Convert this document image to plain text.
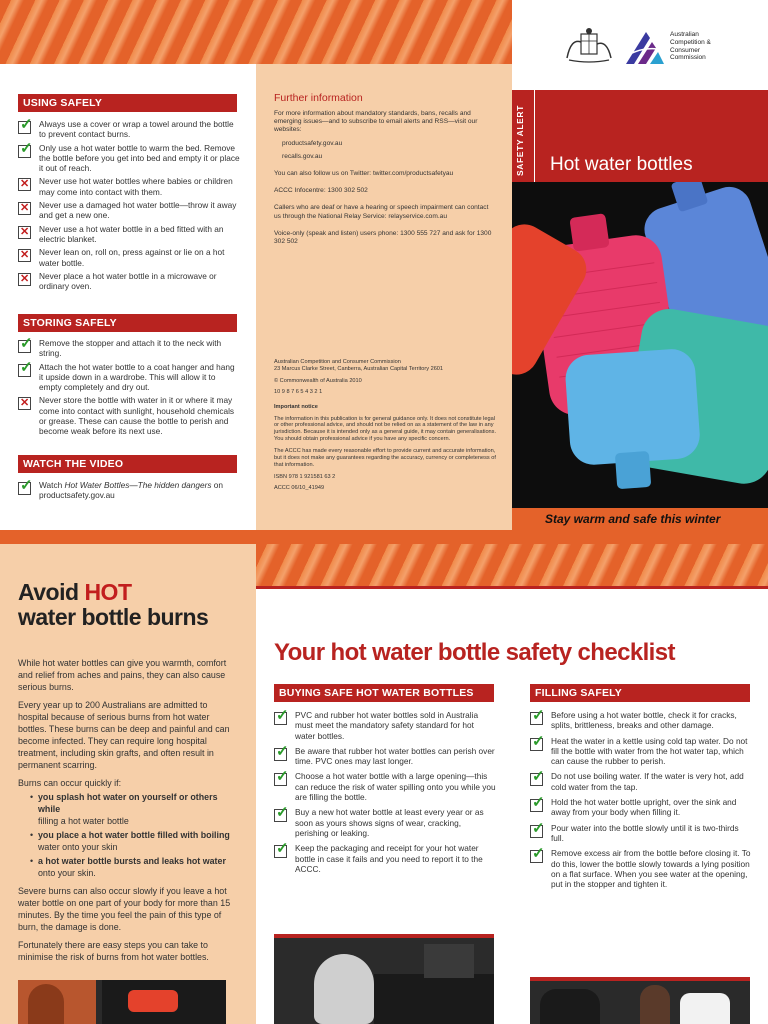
Australian
Competition &
Consumer
Commission
USING SAFELY
✓
Always use a cover or wrap a towel around the bottle to prevent contact burns.
✓
Only use a hot water bottle to warm the bed. Remove the bottle before you get into bed and empty it or place it out of reach.
✕
Never use hot water bottles where babies or children may come into contact with them.
✕
Never use a damaged hot water bottle—throw it away and get a new one.
✕
Never use a hot water bottle in a bed fitted with an electric blanket.
✕
Never lean on, roll on, press against or lie on a hot water bottle.
✕
Never place a hot water bottle in a microwave or ordinary oven.
STORING SAFELY
✓
Remove the stopper and attach it to the neck with string.
✓
Attach the hot water bottle to a coat hanger and hang it upside down in a wardrobe. This will allow it to empty completely and dry out.
✕
Never store the bottle with water in it or where it may come into contact with sunlight, household chemicals or grease. These can cause the bottle to perish and become weak before its next use.
WATCH THE VIDEO
✓
Watch Hot Water Bottles—The hidden dangers on productsafety.gov.au
Further information
For more information about mandatory standards, bans, recalls and emerging issues—and to subscribe to email alerts and RSS—visit our websites:
productsafety.gov.au
recalls.gov.au
You can also follow us on Twitter: twitter.com/productsafetyau
ACCC Infocentre: 1300 302 502
Callers who are deaf or have a hearing or speech impairment can contact us through the National Relay Service: relayservice.com.au
Voice-only (speak and listen) users phone: 1300 555 727 and ask for 1300 302 502
Australian Competition and Consumer Commission
23 Marcus Clarke Street, Canberra, Australian Capital Territory 2601
© Commonwealth of Australia 2010
10 9 8 7 6 5 4 3 2 1
Important notice
The information in this publication is for general guidance only. It does not constitute legal or other professional advice, and should not be relied on as a statement of the law in any jurisdiction. Because it is intended only as a general guide, it may contain generalisations. You should obtain professional advice if you have any specific concern.
The ACCC has made every reasonable effort to provide current and accurate information, but it does not make any guarantees regarding the accuracy, currency or completeness of that information.
ISBN 978 1 921581 63 2
ACCC 06/10_41949
SAFETY ALERT Hot water bottles
Stay warm and safe this winter
Avoid HOT
water bottle burns
While hot water bottles can give you warmth, comfort and relief from aches and pains, they can also cause serious burns.
Every year up to 200 Australians are admitted to hospital because of serious burns from hot water bottles. These burns can be deep and painful and can become infected. They can require long hospital treatment, including skin grafts, and often result in permanent scarring.
Burns can occur quickly if:
• you splash hot water on yourself or others while
filling a hot water bottle
• you place a hot water bottle filled with boiling
water onto your skin
• a hot water bottle bursts and leaks hot water
onto your skin.
Severe burns can also occur slowly if you leave a hot water bottle on one part of your body for more than 15 minutes. By the time you feel the pain of this type of burn, the damage is done.
Fortunately there are easy steps you can take to minimise the risk of burns from hot water bottles.
Your hot water bottle safety checklist
BUYING SAFE HOT WATER BOTTLES
✓
PVC and rubber hot water bottles sold in Australia must meet the mandatory safety standard for hot water bottles.
✓
Be aware that rubber hot water bottles can perish over time. PVC ones may last longer.
✓
Choose a hot water bottle with a large opening—this can reduce the risk of water spilling onto you while you are filling the bottle.
✓
Buy a new hot water bottle at least every year or as soon as yours shows signs of wear, cracking, perishing or leaking.
✓
Keep the packaging and receipt for your hot water bottle in case it fails and you need to report it to the ACCC.
FILLING SAFELY
✓
Before using a hot water bottle, check it for cracks, splits, brittleness, breaks and other damage.
✓
Heat the water in a kettle using cold tap water. Do not fill the bottle with water from the hot water tap, which can cause the rubber to perish.
✓
Do not use boiling water. If the water is very hot, add cold water from the tap.
✓
Hold the hot water bottle upright, over the sink and away from your body when filling it.
✓
Pour water into the bottle slowly until it is two-thirds full.
✓
Remove excess air from the bottle before closing it. To do this, lower the bottle slowly towards a lying position on a flat surface. When you see water at the opening, put in the stopper and tighten it.
